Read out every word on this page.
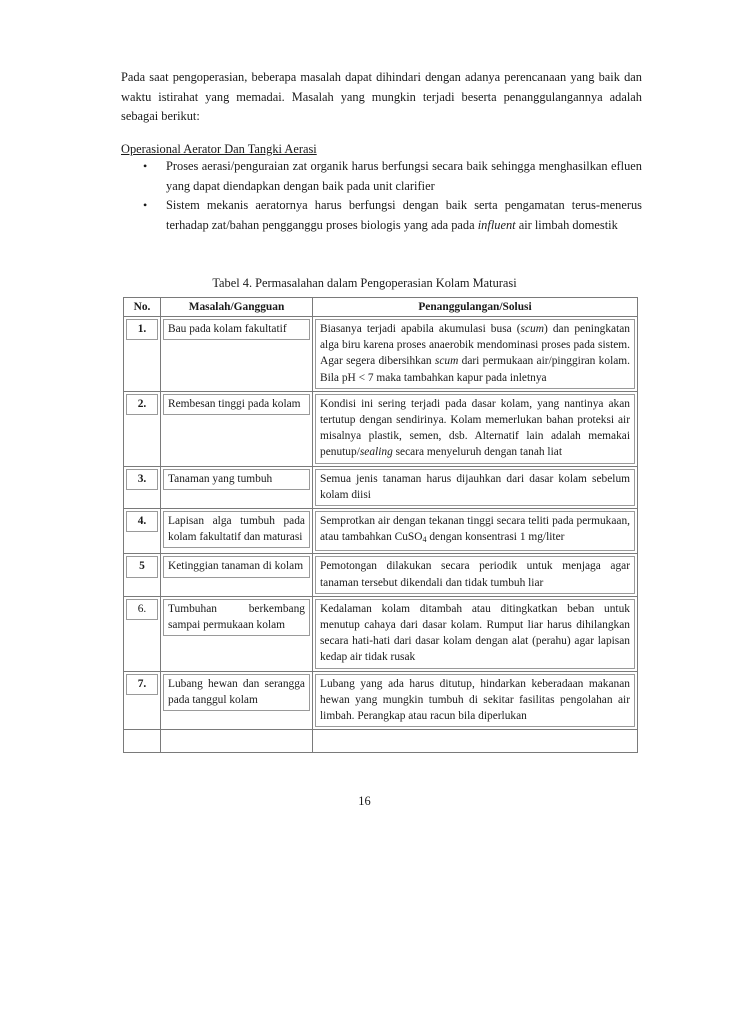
Pada saat pengoperasian, beberapa masalah dapat dihindari dengan adanya perencanaan yang baik dan waktu istirahat yang memadai. Masalah yang mungkin terjadi beserta penanggulangannya adalah sebagai berikut:

Operasional Aerator Dan Tangki Aerasi

• Proses aerasi/penguraian zat organik harus berfungsi secara baik sehingga menghasilkan efluen yang dapat diendapkan dengan baik pada unit clarifier
• Sistem mekanis aeratornya harus berfungsi dengan baik serta pengamatan terus-menerus terhadap zat/bahan pengganggu proses biologis yang ada pada influent air limbah domestik

Tabel 4. Permasalahan dalam Pengoperasian Kolam Maturasi

No.	Masalah/Gangguan	Penanggulangan/Solusi

1.	Bau pada kolam fakultatif	Biasanya terjadi apabila akumulasi busa (scum) dan peningkatan alga biru karena proses anaerobik mendominasi proses pada sistem. Agar segera dibersihkan scum dari permukaan air/pinggiran kolam. Bila pH < 7 maka tambahkan kapur pada inletnya

2.	Rembesan tinggi pada kolam	Kondisi ini sering terjadi pada dasar kolam, yang nantinya akan tertutup dengan sendirinya. Kolam memerlukan bahan proteksi air misalnya plastik, semen, dsb. Alternatif lain adalah memakai penutup/sealing secara menyeluruh dengan tanah liat

3.	Tanaman yang tumbuh	Semua jenis tanaman harus dijauhkan dari dasar kolam sebelum kolam diisi

4.	Lapisan alga tumbuh pada kolam fakultatif dan maturasi	Semprotkan air dengan tekanan tinggi secara teliti pada permukaan, atau tambahkan CuSO$_4$ dengan konsentrasi 1 mg/liter

5	Ketinggian tanaman di kolam	Pemotongan dilakukan secara periodik untuk menjaga agar tanaman tersebut dikendali dan tidak tumbuh liar

6.	Tumbuhan berkembang sampai permukaan kolam	Kedalaman kolam ditambah atau ditingkatkan beban untuk menutup cahaya dari dasar kolam. Rumput liar harus dihilangkan secara hati-hati dari dasar kolam dengan alat (perahu) agar lapisan kedap air tidak rusak

7.	Lubang hewan dan serangga pada tanggul kolam	Lubang yang ada harus ditutup, hindarkan keberadaan makanan hewan yang mungkin tumbuh di sekitar fasilitas pengolahan air limbah. Perangkap atau racun bila diperlukan

16
